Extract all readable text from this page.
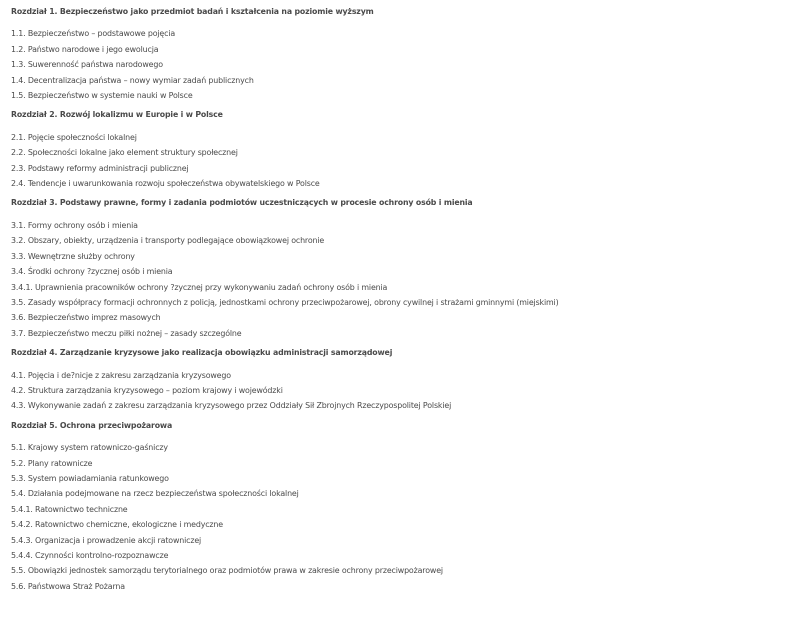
Rozdział 1. Bezpieczeństwo jako przedmiot badań i kształcenia na poziomie wyższym
1.1. Bezpieczeństwo – podstawowe pojęcia
1.2. Państwo narodowe i jego ewolucja
1.3. Suwerenność państwa narodowego
1.4. Decentralizacja państwa – nowy wymiar zadań publicznych
1.5. Bezpieczeństwo w systemie nauki w Polsce
Rozdział 2. Rozwój lokalizmu w Europie i w Polsce
2.1. Pojęcie społeczności lokalnej
2.2. Społeczności lokalne jako element struktury społecznej
2.3. Podstawy reformy administracji publicznej
2.4. Tendencje i uwarunkowania rozwoju społeczeństwa obywatelskiego w Polsce
Rozdział 3. Podstawy prawne, formy i zadania podmiotów uczestniczących w procesie ochrony osób i mienia
3.1. Formy ochrony osób i mienia
3.2. Obszary, obiekty, urządzenia i transporty podlegające obowiązkowej ochronie
3.3. Wewnętrzne służby ochrony
3.4. Środki ochrony ?zycznej osób i mienia
3.4.1. Uprawnienia pracowników ochrony ?zycznej przy wykonywaniu zadań ochrony osób i mienia
3.5. Zasady współpracy formacji ochronnych z policją, jednostkami ochrony przeciwpożarowej, obrony cywilnej i strażami gminnymi (miejskimi)
3.6. Bezpieczeństwo imprez masowych
3.7. Bezpieczeństwo meczu piłki nożnej – zasady szczególne
Rozdział 4. Zarządzanie kryzysowe jako realizacja obowiązku administracji samorządowej
4.1. Pojęcia i de?nicje z zakresu zarządzania kryzysowego
4.2. Struktura zarządzania kryzysowego – poziom krajowy i wojewódzki
4.3. Wykonywanie zadań z zakresu zarządzania kryzysowego przez Oddziały Sił Zbrojnych Rzeczypospolitej Polskiej
Rozdział 5. Ochrona przeciwpożarowa
5.1. Krajowy system ratowniczo-gaśniczy
5.2. Plany ratownicze
5.3. System powiadamiania ratunkowego
5.4. Działania podejmowane na rzecz bezpieczeństwa społeczności lokalnej
5.4.1. Ratownictwo techniczne
5.4.2. Ratownictwo chemiczne, ekologiczne i medyczne
5.4.3. Organizacja i prowadzenie akcji ratowniczej
5.4.4. Czynności kontrolno-rozpoznawcze
5.5. Obowiązki jednostek samorządu terytorialnego oraz podmiotów prawa w zakresie ochrony przeciwpożarowej
5.6. Państwowa Straż Pożarna
